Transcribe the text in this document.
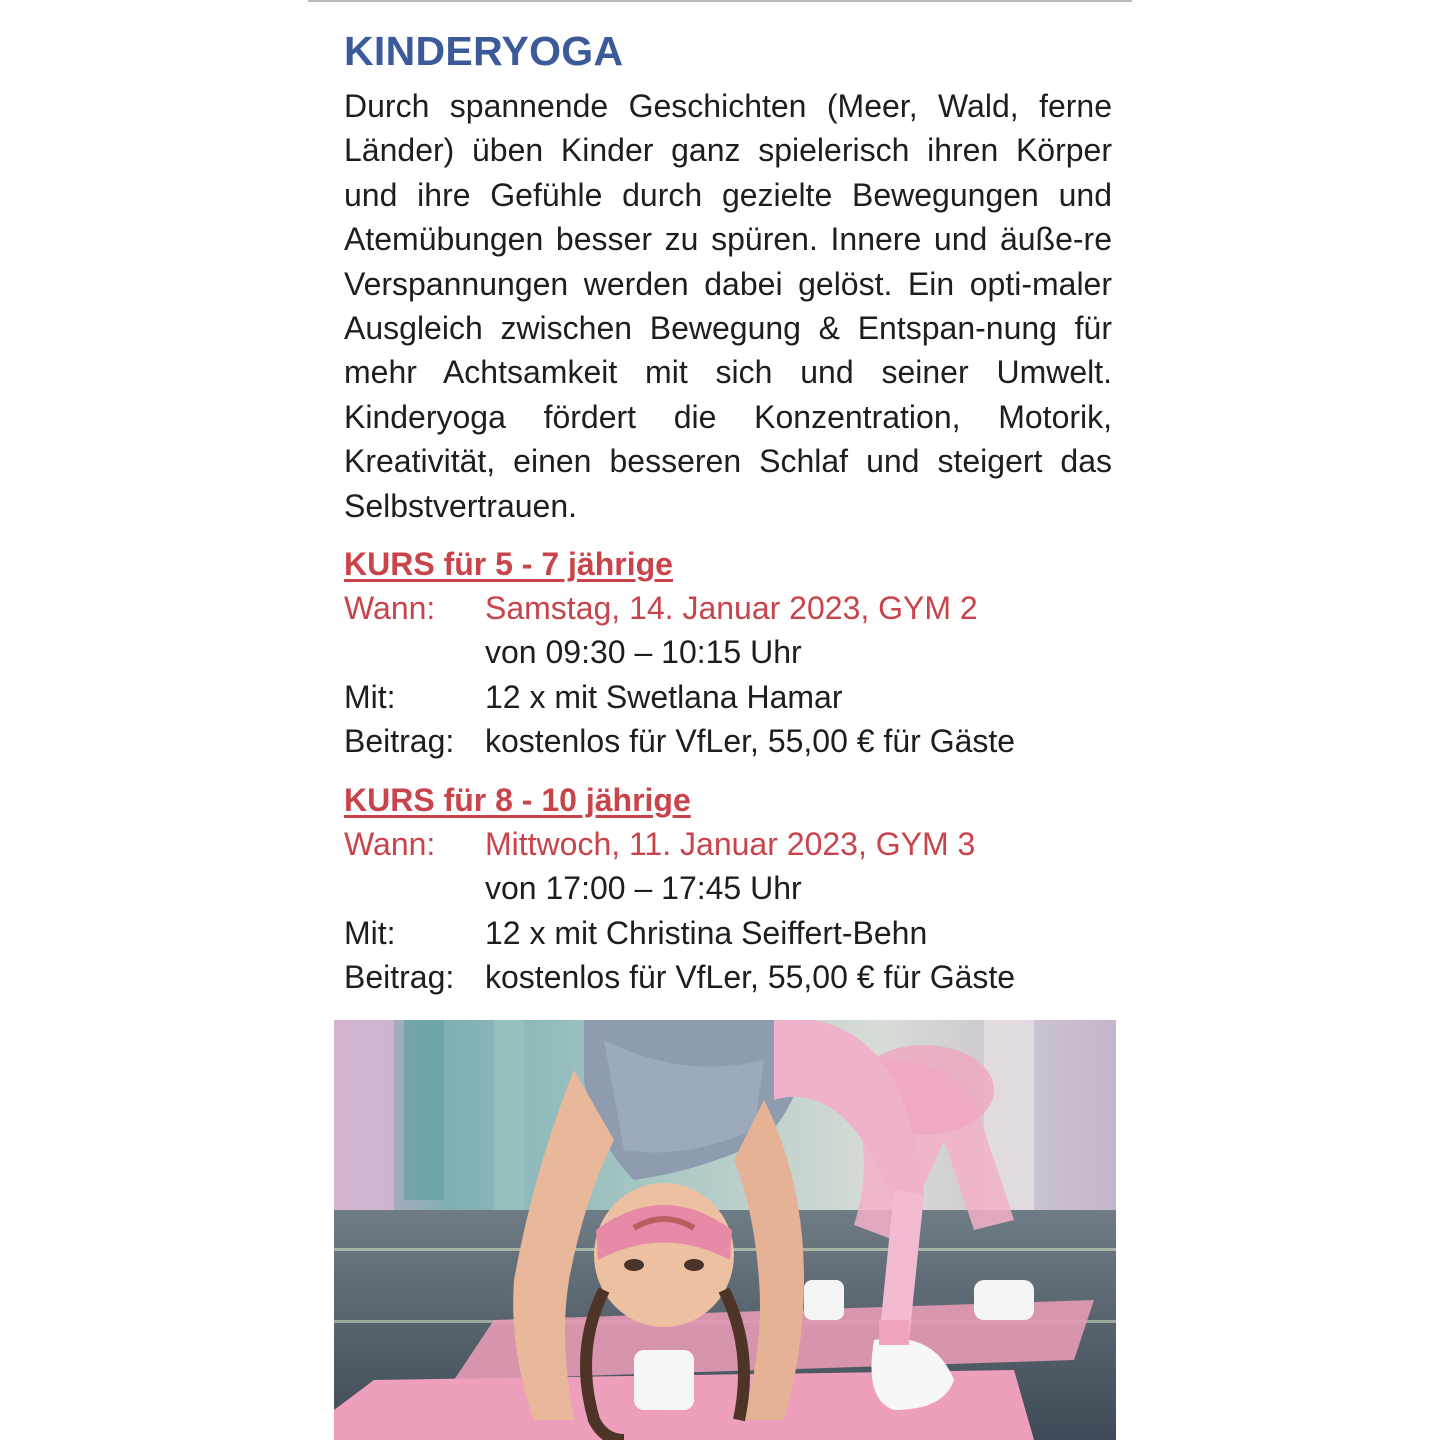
KINDERYOGA
Durch spannende Geschichten (Meer, Wald, ferne Länder) üben Kinder ganz spielerisch ihren Körper und ihre Gefühle durch gezielte Bewegungen und Atemübungen besser zu spüren. Innere und äuße-re Verspannungen werden dabei gelöst. Ein opti-maler Ausgleich zwischen Bewegung & Entspan-nung für mehr Achtsamkeit mit sich und seiner Umwelt. Kinderyoga fördert die Konzentration, Motorik, Kreativität, einen besseren Schlaf und steigert das Selbstvertrauen.
KURS für 5 - 7 jährige
Wann:	Samstag, 14. Januar 2023, GYM 2
von 09:30 – 10:15 Uhr
Mit:	12 x mit Swetlana Hamar
Beitrag: kostenlos für VfLer, 55,00 € für Gäste
KURS für 8 - 10 jährige
Wann:	Mittwoch, 11. Januar 2023, GYM 3
von 17:00 – 17:45 Uhr
Mit:	12 x mit Christina Seiffert-Behn
Beitrag: kostenlos für VfLer, 55,00 € für Gäste
